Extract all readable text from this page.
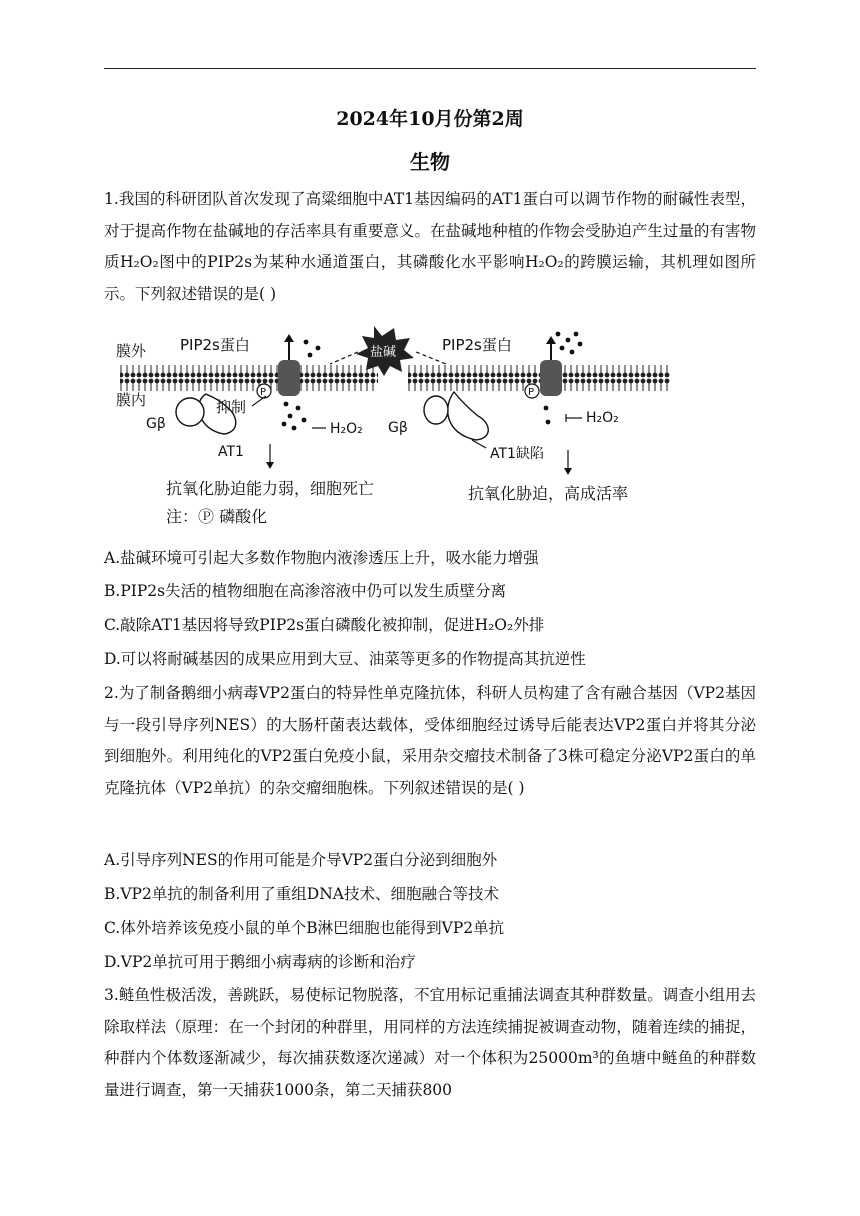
2024年10月份第2周
生物
1.我国的科研团队首次发现了高粱细胞中AT1基因编码的AT1蛋白可以调节作物的耐碱性表型，对于提高作物在盐碱地的存活率具有重要意义。在盐碱地种植的作物会受胁迫产生过量的有害物质H₂O₂图中的PIP2s为某种水通道蛋白，其磷酸化水平影响H₂O₂的跨膜运输，其机理如图所示。下列叙述错误的是( )
膜外
膜内
PIP2s蛋白
P
H₂O₂
Gβ
AT1
抑制
抗氧化胁迫能力弱，细胞死亡
注：Ⓟ 磷酸化
盐碱	PIP2s蛋白
P
H₂O₂
Gβ
AT1缺陷
抗氧化胁迫，高成活率
A.盐碱环境可引起大多数作物胞内液渗透压上升，吸水能力增强
B.PIP2s失活的植物细胞在高渗溶液中仍可以发生质壁分离
C.敲除AT1基因将导致PIP2s蛋白磷酸化被抑制，促进H₂O₂外排
D.可以将耐碱基因的成果应用到大豆、油菜等更多的作物提高其抗逆性
2.为了制备鹅细小病毒VP2蛋白的特异性单克隆抗体，科研人员构建了含有融合基因（VP2基因与一段引导序列NES）的大肠杆菌表达载体，受体细胞经过诱导后能表达VP2蛋白并将其分泌到细胞外。利用纯化的VP2蛋白免疫小鼠，采用杂交瘤技术制备了3株可稳定分泌VP2蛋白的单克隆抗体（VP2单抗）的杂交瘤细胞株。下列叙述错误的是( )
A.引导序列NES的作用可能是介导VP2蛋白分泌到细胞外
B.VP2单抗的制备利用了重组DNA技术、细胞融合等技术
C.体外培养该免疫小鼠的单个B淋巴细胞也能得到VP2单抗
D.VP2单抗可用于鹅细小病毒病的诊断和治疗
3.鲢鱼性极活泼，善跳跃，易使标记物脱落，不宜用标记重捕法调查其种群数量。调查小组用去除取样法（原理：在一个封闭的种群里，用同样的方法连续捕捉被调查动物，随着连续的捕捉，种群内个体数逐渐减少，每次捕获数逐次递减）对一个体积为25000m³的鱼塘中鲢鱼的种群数量进行调查，第一天捕获1000条，第二天捕获800
